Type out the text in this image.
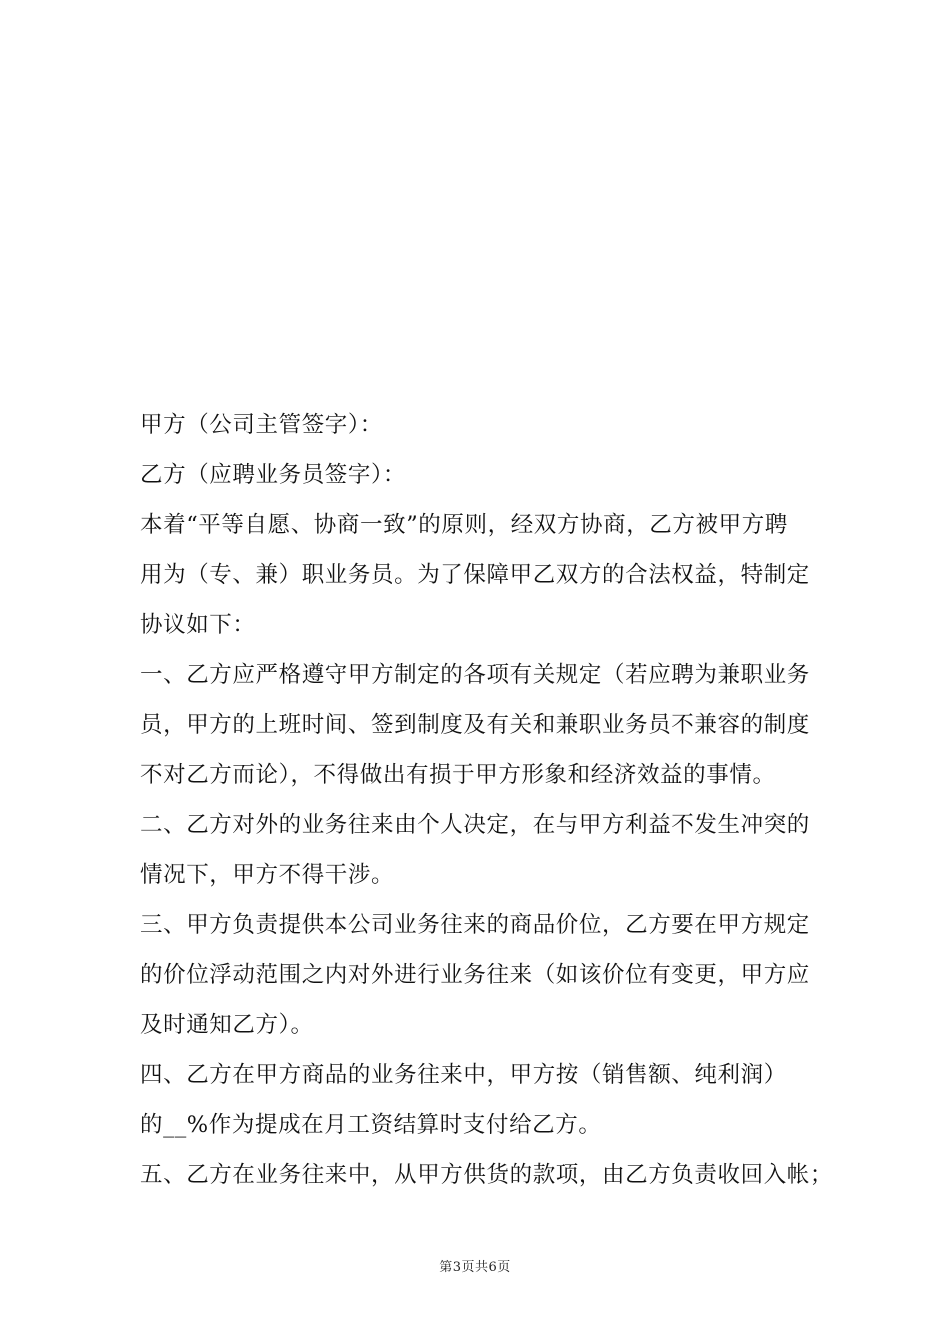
甲方（公司主管签字）：

乙方（应聘业务员签字）：

本着“平等自愿、协商一致”的原则，经双方协商，乙方被甲方聘

用为（专、兼）职业务员。为了保障甲乙双方的合法权益，特制定

协议如下：

一、乙方应严格遵守甲方制定的各项有关规定（若应聘为兼职业务

员，甲方的上班时间、签到制度及有关和兼职业务员不兼容的制度

不对乙方而论），不得做出有损于甲方形象和经济效益的事情。

二、乙方对外的业务往来由个人决定，在与甲方利益不发生冲突的

情况下，甲方不得干涉。

三、甲方负责提供本公司业务往来的商品价位，乙方要在甲方规定

的价位浮动范围之内对外进行业务往来（如该价位有变更，甲方应

及时通知乙方）。

四、乙方在甲方商品的业务往来中，甲方按（销售额、纯利润）

的__%作为提成在月工资结算时支付给乙方。

五、乙方在业务往来中，从甲方供货的款项，由乙方负责收回入帐；

第3页共6页
